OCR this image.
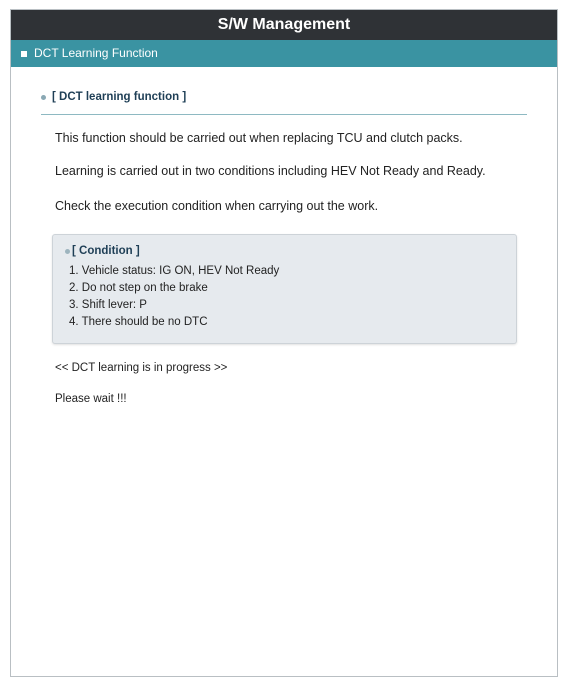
S/W Management
DCT Learning Function
[ DCT learning function ]
This function should be carried out when replacing TCU and clutch packs.
Learning is carried out in two conditions including HEV Not Ready and Ready.
Check the execution condition when carrying out the work.
[ Condition ]
1. Vehicle status: IG ON, HEV Not Ready
2. Do not step on the brake
3. Shift lever: P
4. There should be no DTC
<< DCT learning is in progress >>
Please wait !!!
